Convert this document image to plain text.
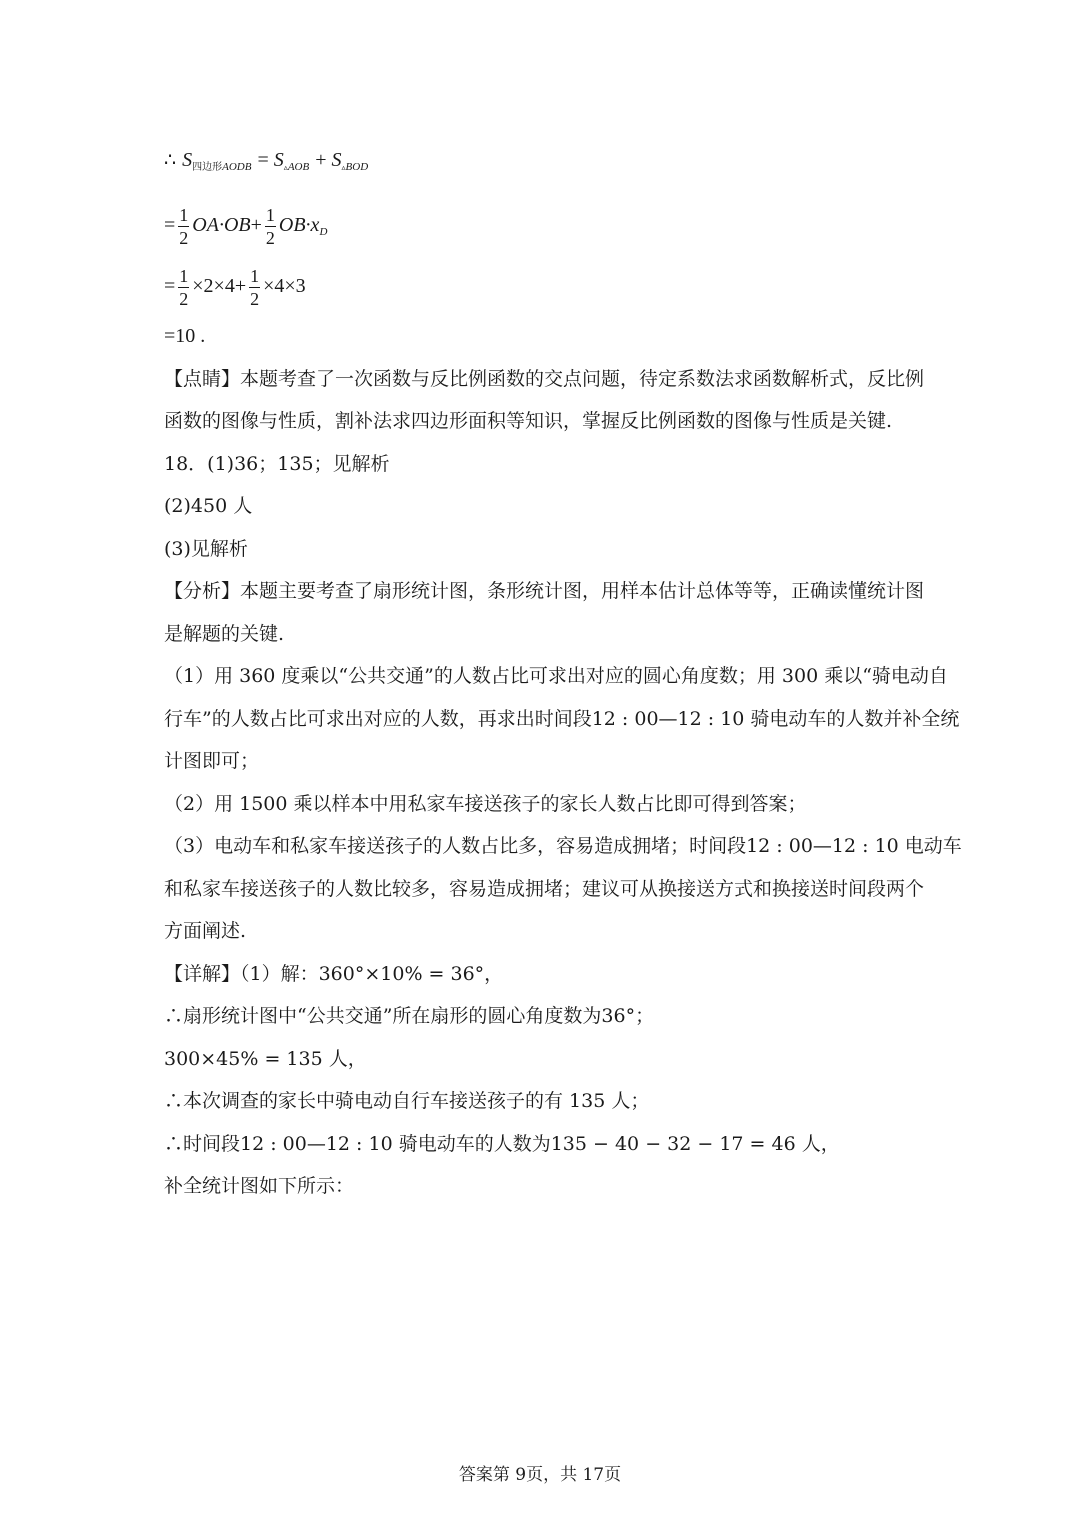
∴ $S_{四边形AODB} = S_{▵AOB} + S_{▵BOD}$
= $\frac{1}{2} OA\cdot OB+ \frac{1}{2} OB\cdot x_D$
= $\frac{1}{2} \times 2\times 4+ \frac{1}{2} \times 4\times 3$
=10 .
【点睛】本题考查了一次函数与反比例函数的交点问题，待定系数法求函数解析式，反比例
函数的图像与性质，割补法求四边形面积等知识，掌握反比例函数的图像与性质是关键.
18．(1)36；135；见解析
(2)450 人
(3)见解析
【分析】本题主要考查了扇形统计图，条形统计图，用样本估计总体等等，正确读懂统计图
是解题的关键.
（1）用 360 度乘以“公共交通”的人数占比可求出对应的圆心角度数；用 300 乘以“骑电动自
行车”的人数占比可求出对应的人数，再求出时间段12 : 00—12 : 10 骑电动车的人数并补全统
计图即可；
（2）用 1500 乘以样本中用私家车接送孩子的家长人数占比即可得到答案；
（3）电动车和私家车接送孩子的人数占比多，容易造成拥堵；时间段12 : 00—12 : 10 电动车
和私家车接送孩子的人数比较多，容易造成拥堵；建议可从换接送方式和换接送时间段两个
方面阐述.
【详解】（1）解：360°×10% = 36°，
∴扇形统计图中“公共交通”所在扇形的圆心角度数为36°；
300×45% = 135 人，
∴本次调查的家长中骑电动自行车接送孩子的有 135 人；
∴时间段12 : 00—12 : 10 骑电动车的人数为135 − 40 − 32 − 17 = 46 人，
补全统计图如下所示：
答案第 9页，共 17页
